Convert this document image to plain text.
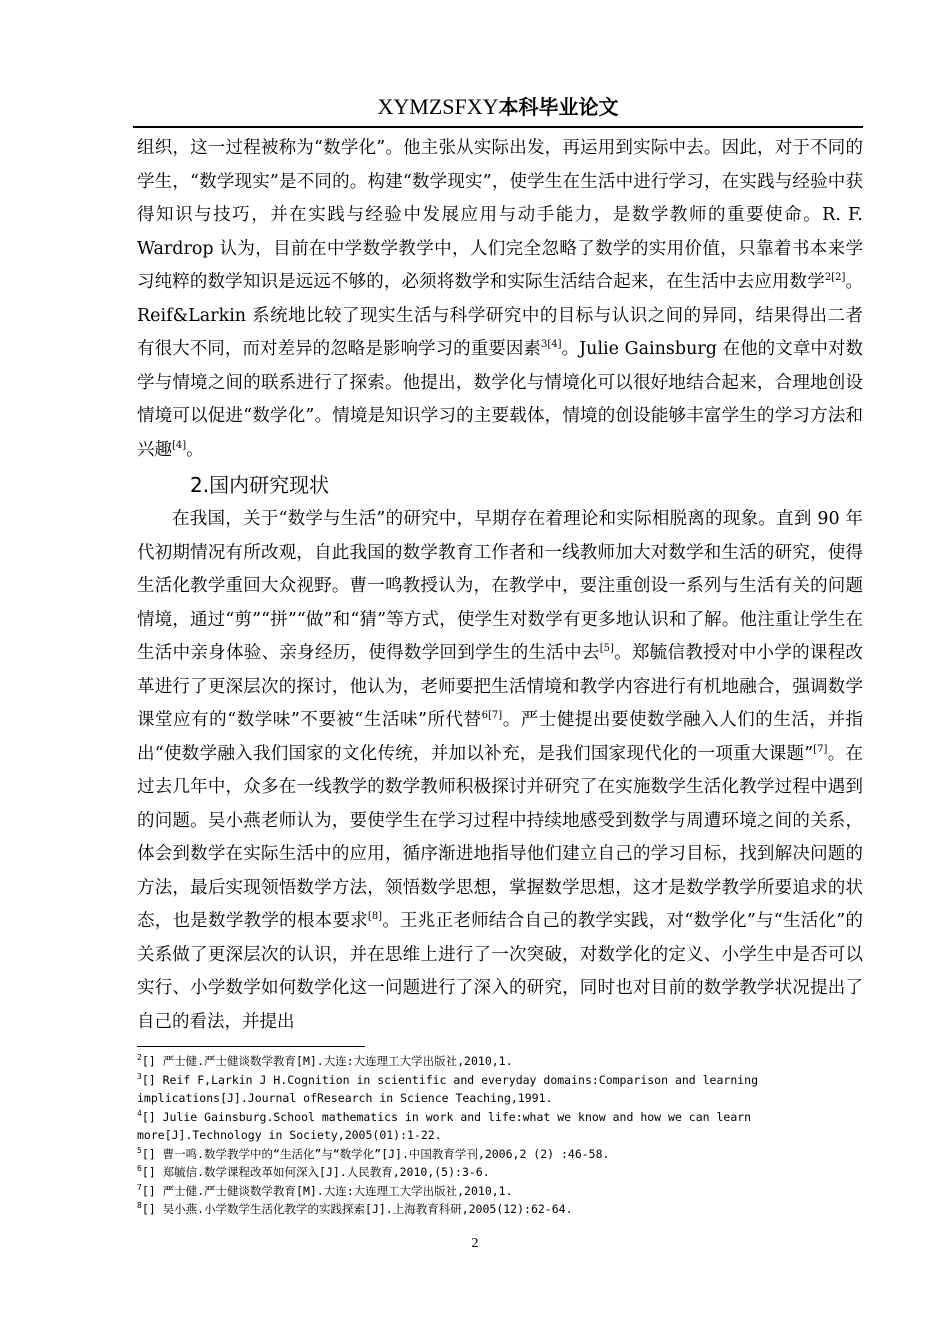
XYMZSFXY本科毕业论文

组织，这一过程被称为“数学化”。他主张从实际出发，再运用到实际中去。因此，对于不同的学生，“数学现实”是不同的。构建“数学现实”，使学生在生活中进行学习，在实践与经验中获得知识与技巧，并在实践与经验中发展应用与动手能力，是数学教师的重要使命。R. F. Wardrop 认为，目前在中学数学教学中，人们完全忽略了数学的实用价值，只靠着书本来学习纯粹的数学知识是远远不够的，必须将数学和实际生活结合起来，在生活中去应用数学$^{2[2]}$。Reif&Larkin 系统地比较了现实生活与科学研究中的目标与认识之间的异同，结果得出二者有很大不同，而对差异的忽略是影响学习的重要因素$^{3[4]}$。Julie Gainsburg 在他的文章中对数学与情境之间的联系进行了探索。他提出，数学化与情境化可以很好地结合起来，合理地创设情境可以促进“数学化”。情境是知识学习的主要载体，情境的创设能够丰富学生的学习方法和兴趣[4]。

2.国内研究现状

在我国，关于“数学与生活”的研究中，早期存在着理论和实际相脱离的现象。直到 90 年代初期情况有所改观，自此我国的数学教育工作者和一线教师加大对数学和生活的研究，使得生活化教学重回大众视野。曹一鸣教授认为，在教学中，要注重创设一系列与生活有关的问题情境，通过“剪”“拼”“做”和“猜”等方式，使学生对数学有更多地认识和了解。他注重让学生在生活中亲身体验、亲身经历，使得数学回到学生的生活中去[5]。郑毓信教授对中小学的课程改革进行了更深层次的探讨，他认为，老师要把生活情境和教学内容进行有机地融合，强调数学课堂应有的“数学味”不要被“生活味”所代替$^{6[7]}$。严士健提出要使数学融入人们的生活，并指出“使数学融入我们国家的文化传统，并加以补充，是我们国家现代化的一项重大课题”[7]。在过去几年中，众多在一线教学的数学教师积极探讨并研究了在实施数学生活化教学过程中遇到的问题。吴小燕老师认为，要使学生在学习过程中持续地感受到数学与周遭环境之间的关系，体会到数学在实际生活中的应用，循序渐进地指导他们建立自己的学习目标，找到解决问题的方法，最后实现领悟数学方法，领悟数学思想，掌握数学思想，这才是数学教学所要追求的状态，也是数学教学的根本要求[8]。王兆正老师结合自己的教学实践，对“数学化”与“生活化”的关系做了更深层次的认识，并在思维上进行了一次突破，对数学化的定义、小学生中是否可以实行、小学数学如何数学化这一问题进行了深入的研究，同时也对目前的数学教学状况提出了自己的看法，并提出

$^2$[] 严士健.严士健谈数学教育[M].大连:大连理工大学出版社,2010,1.

$^3$[] Reif F,Larkin J H.Cognition in scientific and everyday domains:Comparison and learning implications[J].Journal ofResearch in Science Teaching,1991.

$^4$[] Julie Gainsburg.School mathematics in work and life:what we know and how we can learn more[J].Technology in Society,2005(01):1-22.

$^5$[] 曹一鸣.数学教学中的“生活化”与“数学化”[J].中国教育学刊,2006,2 (2) :46-58.

$^6$[] 郑毓信.数学课程改革如何深入[J].人民教育,2010,(5):3-6.

$^7$[] 严士健.严士健谈数学教育[M].大连:大连理工大学出版社,2010,1.

$^8$[] 吴小燕.小学数学生活化教学的实践探索[J].上海教育科研,2005(12):62-64.

2
